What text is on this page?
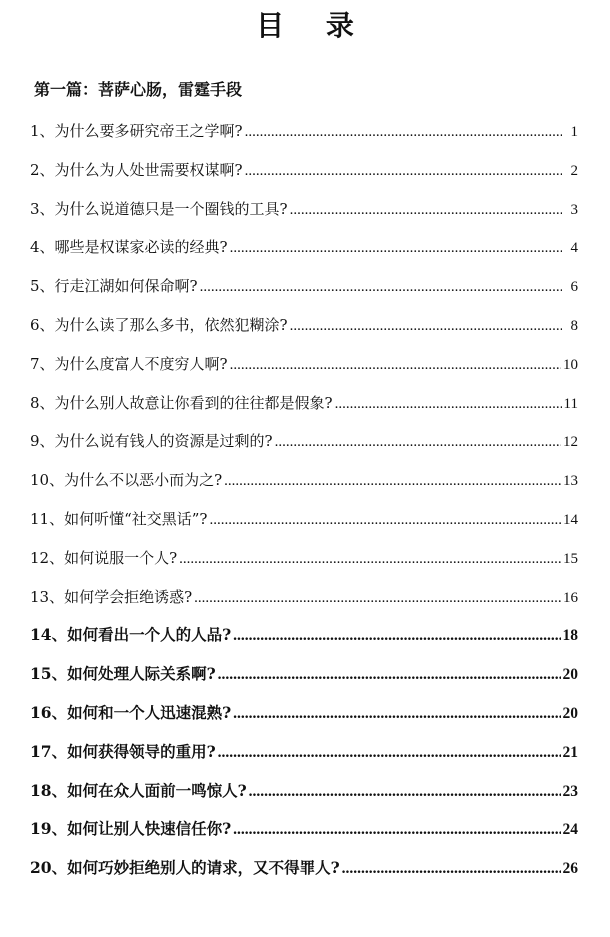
目 录
第一篇：菩萨心肠，雷霆手段
1、为什么要多研究帝王之学啊? .....	1
2、为什么为人处世需要权谋啊? .....	2
3、为什么说道德只是一个圈钱的工具? .....	3
4、哪些是权谋家必读的经典? .....	4
5、行走江湖如何保命啊? .....	6
6、为什么读了那么多书，依然犯糊涂? .....	8
7、为什么度富人不度穷人啊? .....	10
8、为什么别人故意让你看到的往往都是假象? .....	11
9、为什么说有钱人的资源是过剩的? .....	12
10、为什么不以恶小而为之? .....	13
11、如何听懂“社交黑话”? .....	14
12、如何说服一个人? .....	15
13、如何学会拒绝诱惑? .....	16
14、如何看出一个人的人品? .....	18
15、如何处理人际关系啊? .....	20
16、如何和一个人迅速混熟? .....	20
17、如何获得领导的重用? .....	21
18、如何在众人面前一鸣惊人? .....	23
19、如何让别人快速信任你? .....	24
20、如何巧妙拒绝别人的请求，又不得罪人? .....	26
